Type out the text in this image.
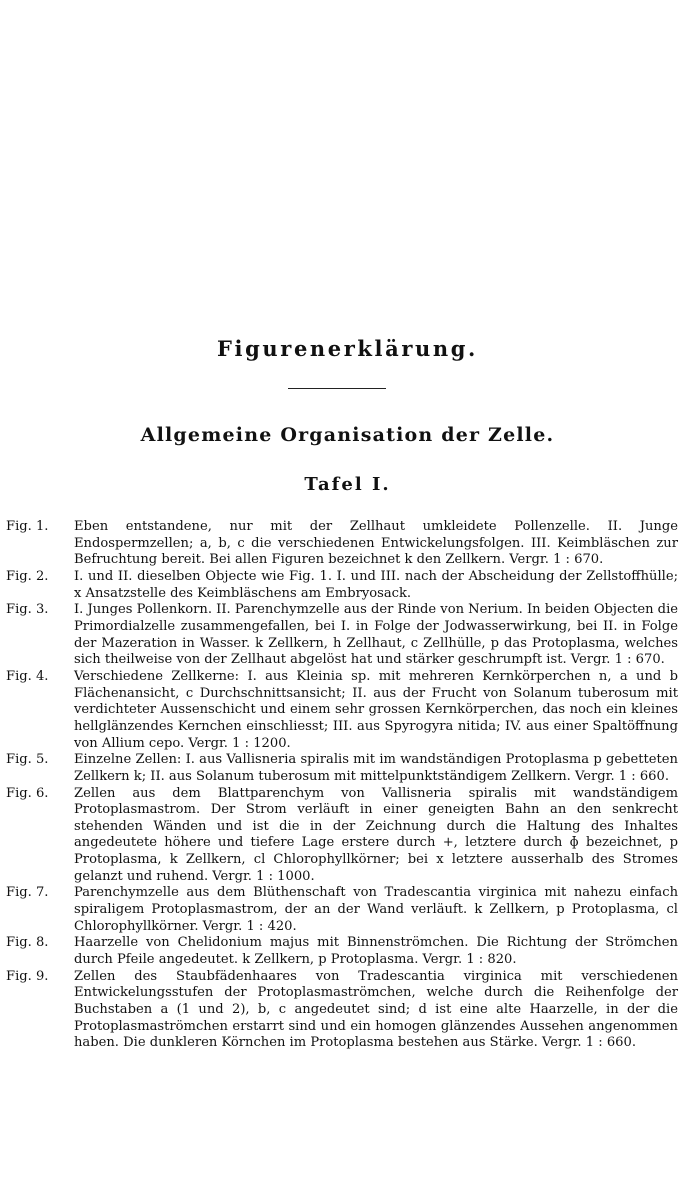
Figurenerklärung.
Allgemeine Organisation der Zelle.
Tafel I.
Fig. 1.	Eben entstandene, nur mit der Zellhaut umkleidete Pollenzelle. II. Junge Endospermzellen; a, b, c die verschiedenen Entwickelungsfolgen. III. Keimbläschen zur Befruchtung bereit. Bei allen Figuren bezeichnet k den Zellkern. Vergr. 1 : 670.
Fig. 2.	I. und II. dieselben Objecte wie Fig. 1. I. und III. nach der Abscheidung der Zellstoffhülle; x Ansatzstelle des Keimbläschens am Embryosack.
Fig. 3.	I. Junges Pollenkorn. II. Parenchymzelle aus der Rinde von Nerium. In beiden Objecten die Primordialzelle zusammengefallen, bei I. in Folge der Jodwasserwirkung, bei II. in Folge der Mazeration in Wasser. k Zellkern, h Zellhaut, c Zellhülle, p das Protoplasma, welches sich theilweise von der Zellhaut abgelöst hat und stärker geschrumpft ist. Vergr. 1 : 670.
Fig. 4.	Verschiedene Zellkerne: I. aus Kleinia sp. mit mehreren Kernkörperchen n, a und b Flächenansicht, c Durchschnittsansicht; II. aus der Frucht von Solanum tuberosum mit verdichteter Aussenschicht und einem sehr grossen Kernkörperchen, das noch ein kleines hellglänzendes Kernchen einschliesst; III. aus Spyrogyra nitida; IV. aus einer Spaltöffnung von Allium cepo. Vergr. 1 : 1200.
Fig. 5.	Einzelne Zellen: I. aus Vallisneria spiralis mit im wandständigen Protoplasma p gebetteten Zellkern k; II. aus Solanum tuberosum mit mittelpunktständigem Zellkern. Vergr. 1 : 660.
Fig. 6.	Zellen aus dem Blattparenchym von Vallisneria spiralis mit wandständigem Protoplasmastrom. Der Strom verläuft in einer geneigten Bahn an den senkrecht stehenden Wänden und ist die in der Zeichnung durch die Haltung des Inhaltes angedeutete höhere und tiefere Lage erstere durch +, letztere durch ɸ bezeichnet, p Protoplasma, k Zellkern, cl Chlorophyllkörner; bei x letztere ausserhalb des Stromes gelanzt und ruhend. Vergr. 1 : 1000.
Fig. 7.	Parenchymzelle aus dem Blüthenschaft von Tradescantia virginica mit nahezu einfach spiraligem Protoplasmastrom, der an der Wand verläuft. k Zellkern, p Protoplasma, cl Chlorophyllkörner. Vergr. 1 : 420.
Fig. 8.	Haarzelle von Chelidonium majus mit Binnenströmchen. Die Richtung der Strömchen durch Pfeile angedeutet. k Zellkern, p Protoplasma. Vergr. 1 : 820.
Fig. 9.	Zellen des Staubfädenhaares von Tradescantia virginica mit verschiedenen Entwickelungsstufen der Protoplasmaströmchen, welche durch die Reihenfolge der Buchstaben a (1 und 2), b, c angedeutet sind; d ist eine alte Haarzelle, in der die Protoplasmaströmchen erstarrt sind und ein homogen glänzendes Aussehen angenommen haben. Die dunkleren Körnchen im Protoplasma bestehen aus Stärke. Vergr. 1 : 660.
